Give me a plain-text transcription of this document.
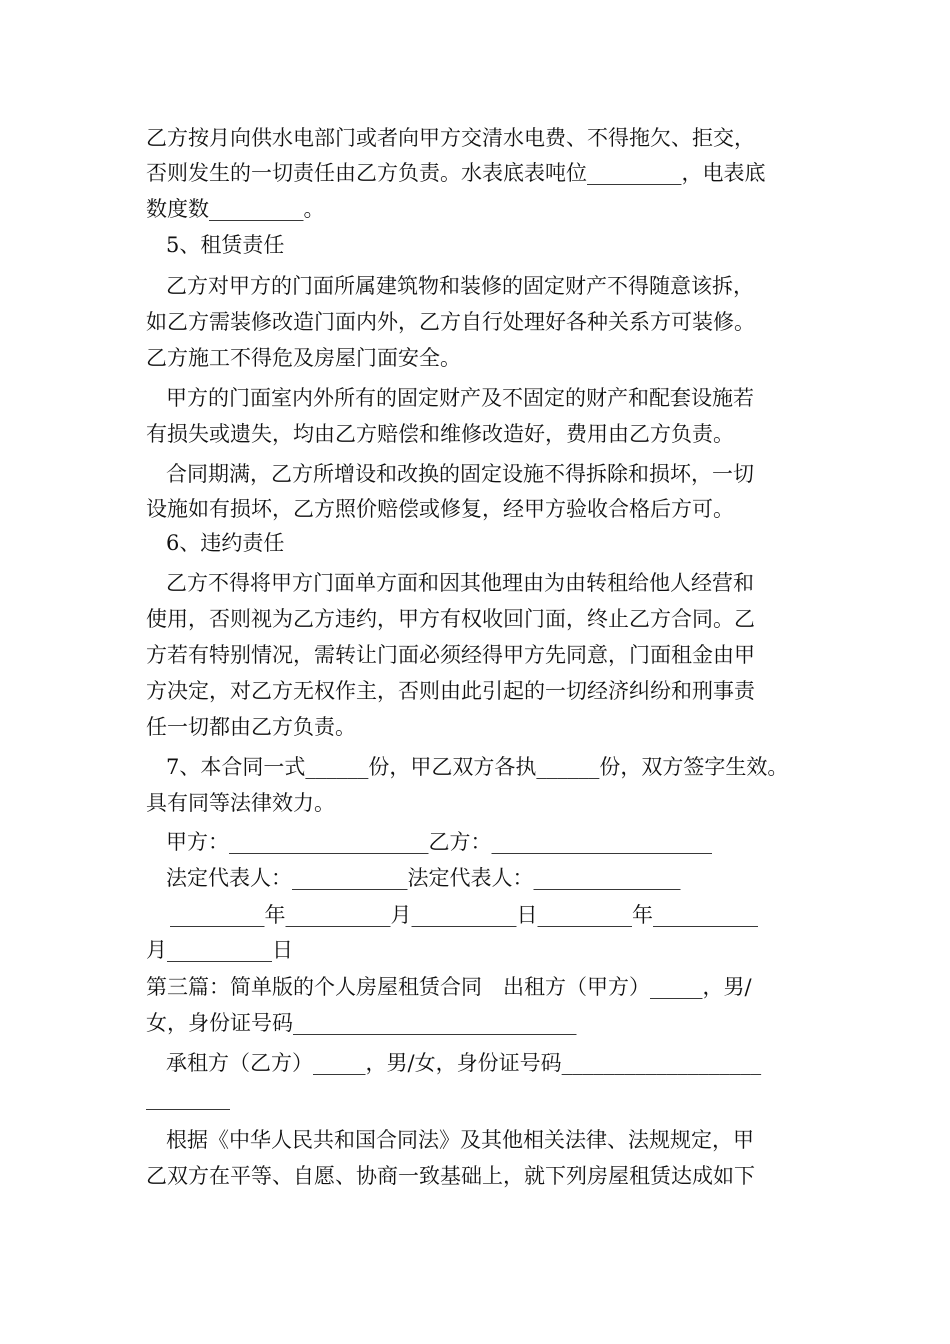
乙方按月向供水电部门或者向甲方交清水电费、不得拖欠、拒交，
否则发生的一切责任由乙方负责。水表底表吨位_________，电表底
数度数_________。
5、租赁责任
乙方对甲方的门面所属建筑物和装修的固定财产不得随意该拆，
如乙方需装修改造门面内外，乙方自行处理好各种关系方可装修。
乙方施工不得危及房屋门面安全。
甲方的门面室内外所有的固定财产及不固定的财产和配套设施若
有损失或遗失，均由乙方赔偿和维修改造好，费用由乙方负责。
合同期满，乙方所增设和改换的固定设施不得拆除和损坏，一切
设施如有损坏，乙方照价赔偿或修复，经甲方验收合格后方可。
6、违约责任
乙方不得将甲方门面单方面和因其他理由为由转租给他人经营和
使用，否则视为乙方违约，甲方有权收回门面，终止乙方合同。乙
方若有特别情况，需转让门面必须经得甲方先同意，门面租金由甲
方决定，对乙方无权作主，否则由此引起的一切经济纠纷和刑事责
任一切都由乙方负责。
7、本合同一式______份，甲乙双方各执______份，双方签字生效。
具有同等法律效力。
甲方：___________________乙方：_____________________
法定代表人：___________法定代表人：______________
_________年__________月__________日_________年__________
月__________日
第三篇：简单版的个人房屋租赁合同　出租方（甲方）_____，男/
女，身份证号码___________________________
承租方（乙方）_____，男/女，身份证号码___________________
________
根据《中华人民共和国合同法》及其他相关法律、法规规定，甲
乙双方在平等、自愿、协商一致基础上，就下列房屋租赁达成如下
